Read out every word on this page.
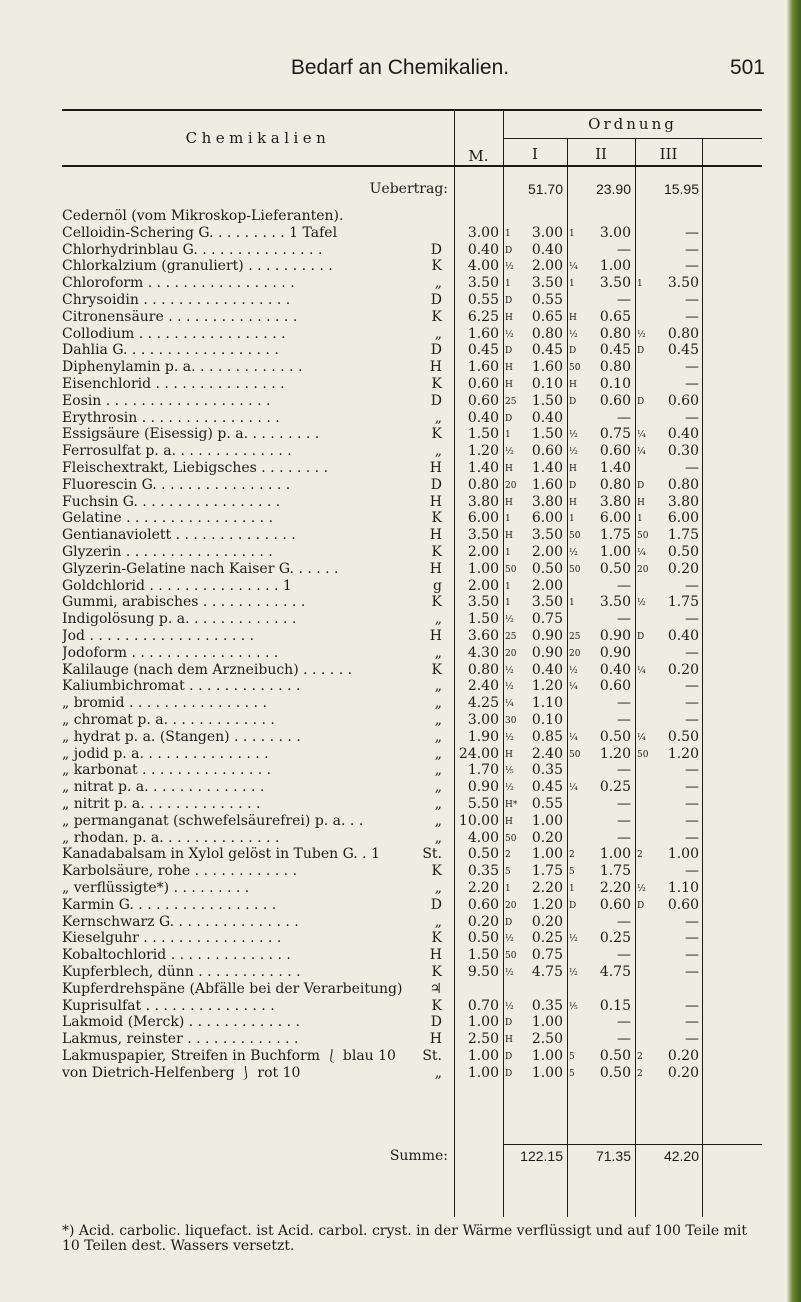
Bedarf an Chemikalien.	501
Chemikalien
M.
Ordnung
I	II	III
Uebertrag:	51.70	23.90	15.95
Cedernöl (vom Mikroskop-Lieferanten).
Celloidin-Schering G. . . . . . . . . 1 Tafel	3.00 1	3.00 1	3.00	—
Chlorhydrinblau G. . . . . . . . . . . . . . .	D	0.40 D	0.40	—	—
Chlorkalzium (granuliert) . . . . . . . . . .	K	4.00 ½	2.00 ¼	1.00	—
Chloroform . . . . . . . . . . . . . . . . .	„	3.50 1	3.50 1	3.50 1	3.50
Chrysoidin . . . . . . . . . . . . . . . . .	D	0.55 D	0.55	—	—
Citronensäure . . . . . . . . . . . . . . .	K	6.25 H	0.65 H	0.65	—
Collodium . . . . . . . . . . . . . . . . .	„	1.60 ½	0.80 ½	0.80 ½	0.80
Dahlia G. . . . . . . . . . . . . . . . . .	D	0.45 D	0.45 D	0.45 D	0.45
Diphenylamin p. a. . . . . . . . . . . . .	H	1.60 H	1.60 50	0.80	—
Eisenchlorid . . . . . . . . . . . . . . .	K	0.60 H	0.10 H	0.10	—
Eosin . . . . . . . . . . . . . . . . . . .	D	0.60 25	1.50 D	0.60 D	0.60
Erythrosin . . . . . . . . . . . . . . . .	„	0.40 D	0.40	—	—
Essigsäure (Eisessig) p. a. . . . . . . . .	K	1.50 1	1.50 ½	0.75 ¼	0.40
Ferrosulfat p. a. . . . . . . . . . . . . .	„	1.20 ½	0.60 ½	0.60 ¼	0.30
Fleischextrakt, Liebigsches . . . . . . . .	H	1.40 H	1.40 H	1.40	—
Fluorescin G. . . . . . . . . . . . . . . .	D	0.80 20	1.60 D	0.80 D	0.80
Fuchsin G. . . . . . . . . . . . . . . . .	H	3.80 H	3.80 H	3.80 H	3.80
Gelatine . . . . . . . . . . . . . . . . .	K	6.00 1	6.00 1	6.00 1	6.00
Gentianaviolett . . . . . . . . . . . . . .	H	3.50 H	3.50 50	1.75 50	1.75
Glyzerin . . . . . . . . . . . . . . . . .	K	2.00 1	2.00 ½	1.00 ¼	0.50
Glyzerin-Gelatine nach Kaiser G. . . . . .	H	1.00 50	0.50 50	0.50 20	0.20
Goldchlorid . . . . . . . . . . . . . . . 1	g	2.00 1	2.00	—	—
Gummi, arabisches . . . . . . . . . . . .	K	3.50 1	3.50 1	3.50 ½	1.75
Indigolösung p. a. . . . . . . . . . . . .	„	1.50 ½	0.75	—	—
Jod . . . . . . . . . . . . . . . . . . .	H	3.60 25	0.90 25	0.90 D	0.40
Jodoform . . . . . . . . . . . . . . . . .	„	4.30 20	0.90 20	0.90	—
Kalilauge (nach dem Arzneibuch) . . . . . .	K	0.80 ½	0.40 ½	0.40 ¼	0.20
Kaliumbichromat . . . . . . . . . . . . .	„	2.40 ½	1.20 ¼	0.60	—
„ bromid . . . . . . . . . . . . . . . .	„	4.25 ¼	1.10	—	—
„ chromat p. a. . . . . . . . . . . . .	„	3.00 30	0.10	—	—
„ hydrat p. a. (Stangen) . . . . . . . .	„	1.90 ½	0.85 ¼	0.50 ¼	0.50
„ jodid p. a. . . . . . . . . . . . . . .	„	24.00 H	2.40 50	1.20 50	1.20
„ karbonat . . . . . . . . . . . . . . .	„	1.70 ⅕	0.35	—	—
„ nitrat p. a. . . . . . . . . . . . . .	„	0.90 ½	0.45 ¼	0.25	—
„ nitrit p. a. . . . . . . . . . . . . .	„	5.50 H*	0.55	—	—
„ permanganat (schwefelsäurefrei) p. a. . .	„	10.00 H	1.00	—	—
„ rhodan. p. a. . . . . . . . . . . . . .	„	4.00 50	0.20	—	—
Kanadabalsam in Xylol gelöst in Tuben G. . 1	St.	0.50 2	1.00 2	1.00 2	1.00
Karbolsäure, rohe . . . . . . . . . . . .	K	0.35 5	1.75 5	1.75	—
„ verflüssigte*) . . . . . . . . .	„	2.20 1	2.20 1	2.20 ½	1.10
Karmin G. . . . . . . . . . . . . . . . .	D	0.60 20	1.20 D	0.60 D	0.60
Kernschwarz G. . . . . . . . . . . . . . .	„	0.20 D	0.20	—	—
Kieselguhr . . . . . . . . . . . . . . . .	K	0.50 ½	0.25 ½	0.25	—
Kobaltochlorid . . . . . . . . . . . . . .	H	1.50 50	0.75	—	—
Kupferblech, dünn . . . . . . . . . . . .	K	9.50 ½	4.75 ½	4.75	—
Kupferdrehspäne (Abfälle bei der Verarbeitung)	♃
Kuprisulfat . . . . . . . . . . . . . . .	K	0.70 ½	0.35 ⅕	0.15	—
Lakmoid (Merck) . . . . . . . . . . . . .	D	1.00 D	1.00	—	—
Lakmus, reinster . . . . . . . . . . . . .	H	2.50 H	2.50	—	—
Lakmuspapier, Streifen in Buchform ⎱ blau 10	St.	1.00 D	1.00 5	0.50 2	0.20
von Dietrich-Helfenberg ⎰ rot 10	„	1.00 D	1.00 5	0.50 2	0.20
Summe:	122.15	71.35	42.20
*) Acid. carbolic. liquefact. ist Acid. carbol. cryst. in der Wärme verflüssigt und auf 100 Teile mit 10 Teilen dest. Wassers versetzt.
